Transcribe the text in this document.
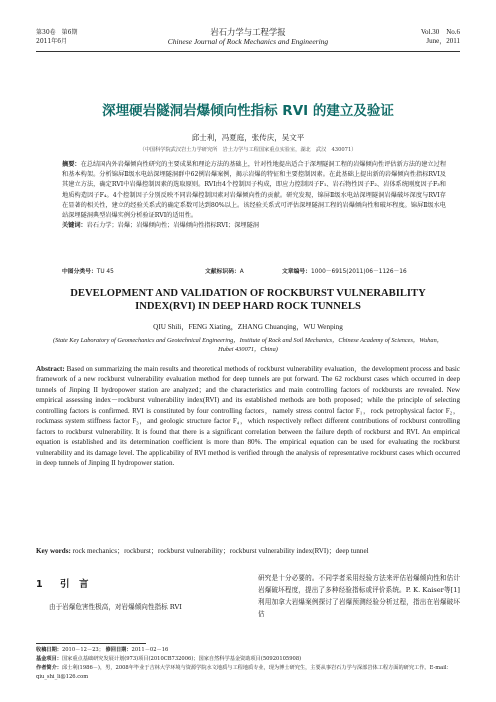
第30卷　第6期
2011年6月
岩石力学与工程学报
Chinese Journal of Rock Mechanics and Engineering
Vol.30　No.6
June，2011
深埋硬岩隧洞岩爆倾向性指标 RVI 的建立及验证
邱士利，冯夏庭，张传庆，吴文平
（中国科学院武汉岩土力学研究所　岩土力学与工程国家重点实验室，湖北　武汉　430071）
摘要：在总结国内外岩爆倾向性研究的主要成果和理论方法的基础上，针对性地提出适合于深埋隧洞工程的岩爆倾向性评估新方法的建立过程和基本构架。分析锦屏Ⅱ级水电站深埋隧洞群中62例岩爆案例，揭示岩爆的特征和主要控制因素。在此基础上提出新的岩爆倾向性指标RVI及其建立方法，确定RVI中岩爆控制因素的选取原则。RVI由4个控制因子构成，即应力控制因子F₁、岩石物性因子F₂、岩体系统刚度因子F₃和地质构造因子F₄。4个控制因子分别反映不同岩爆控制因素对岩爆倾向性的贡献。研究发现，锦屏Ⅱ级水电站深埋隧洞岩爆破坏深度与RVI存在显著的相关性，建立的经验关系式的确定系数可达到80%以上。该经验关系式可评估深埋隧洞工程的岩爆倾向性和破坏程度。锦屏Ⅱ级水电站深埋隧洞典型岩爆实例分析验证RVI的适用性。
关键词：岩石力学；岩爆；岩爆倾向性；岩爆倾向性指标RVI；深埋隧洞
中图分类号：TU 45	文献标识码：A	文章编号：1000－6915(2011)06－1126－16
DEVELOPMENT AND VALIDATION OF ROCKBURST VULNERABILITY
INDEX(RVI) IN DEEP HARD ROCK TUNNELS
QIU Shili，FENG Xiating，ZHANG Chuanqing，WU Wenping
(State Key Laboratory of Geomechanics and Geotechnical Engineering，Institute of Rock and Soil Mechanics，Chinese Academy of Sciences，Wuhan，Hubei 430071，China)
Abstract: Based on summarizing the main results and theoretical methods of rockburst vulnerability evaluation，the development process and basic framework of a new rockburst vulnerability evaluation method for deep tunnels are put forward. The 62 rockburst cases which occurred in deep tunnels of Jinping II hydropower station are analyzed；and the characteristics and main controlling factors of rockbursts are revealed. New empirical assessing index－rockburst vulnerability index(RVI) and its established methods are both proposed；while the principle of selecting controlling factors is confirmed. RVI is constituted by four controlling factors，namely stress control factor F₁，rock petrophysical factor F₂，rockmass system stiffness factor F₃，and geologic structure factor F₄，which respectively reflect different contributions of rockburst controlling factors to rockburst vulnerability. It is found that there is a significant correlation between the failure depth of rockburst and RVI. An empirical equation is established and its determination coefficient is more than 80%. The empirical equation can be used for evaluating the rockburst vulnerability and its damage level. The applicability of RVI method is verified through the analysis of representative rockburst cases which occurred in deep tunnels of Jinping II hydropower station.
Key words: rock mechanics；rockburst；rockburst vulnerability；rockburst vulnerability index(RVI)；deep tunnel
1 引　言
由于岩爆危害性极高，对岩爆倾向性指标 RVI
研究是十分必要的。不同学者采用经验方法来评估岩爆倾向性和估计岩爆破坏程度，提出了多种经验指标或评价系统。P. K. Kaiser等[1]利用加拿大岩爆案例探讨了岩爆预测经验分析过程，指出在岩爆破坏估
收稿日期：2010－12－23； 修回日期：2011－02－16
基金项目：国家重点基础研究发展计划(973)项目(2010CB732006)；国家自然科学基金资助项目(50920105908)
作者简介：邱士利(1986－)，男，2008年毕业于吉林大学环境与资源学院水文地质与工程地质专业，现为博士研究生，主要从事岩石力学与深部岩体工程方面的研究工作。E-mail：qiu_shi_li@126.com
